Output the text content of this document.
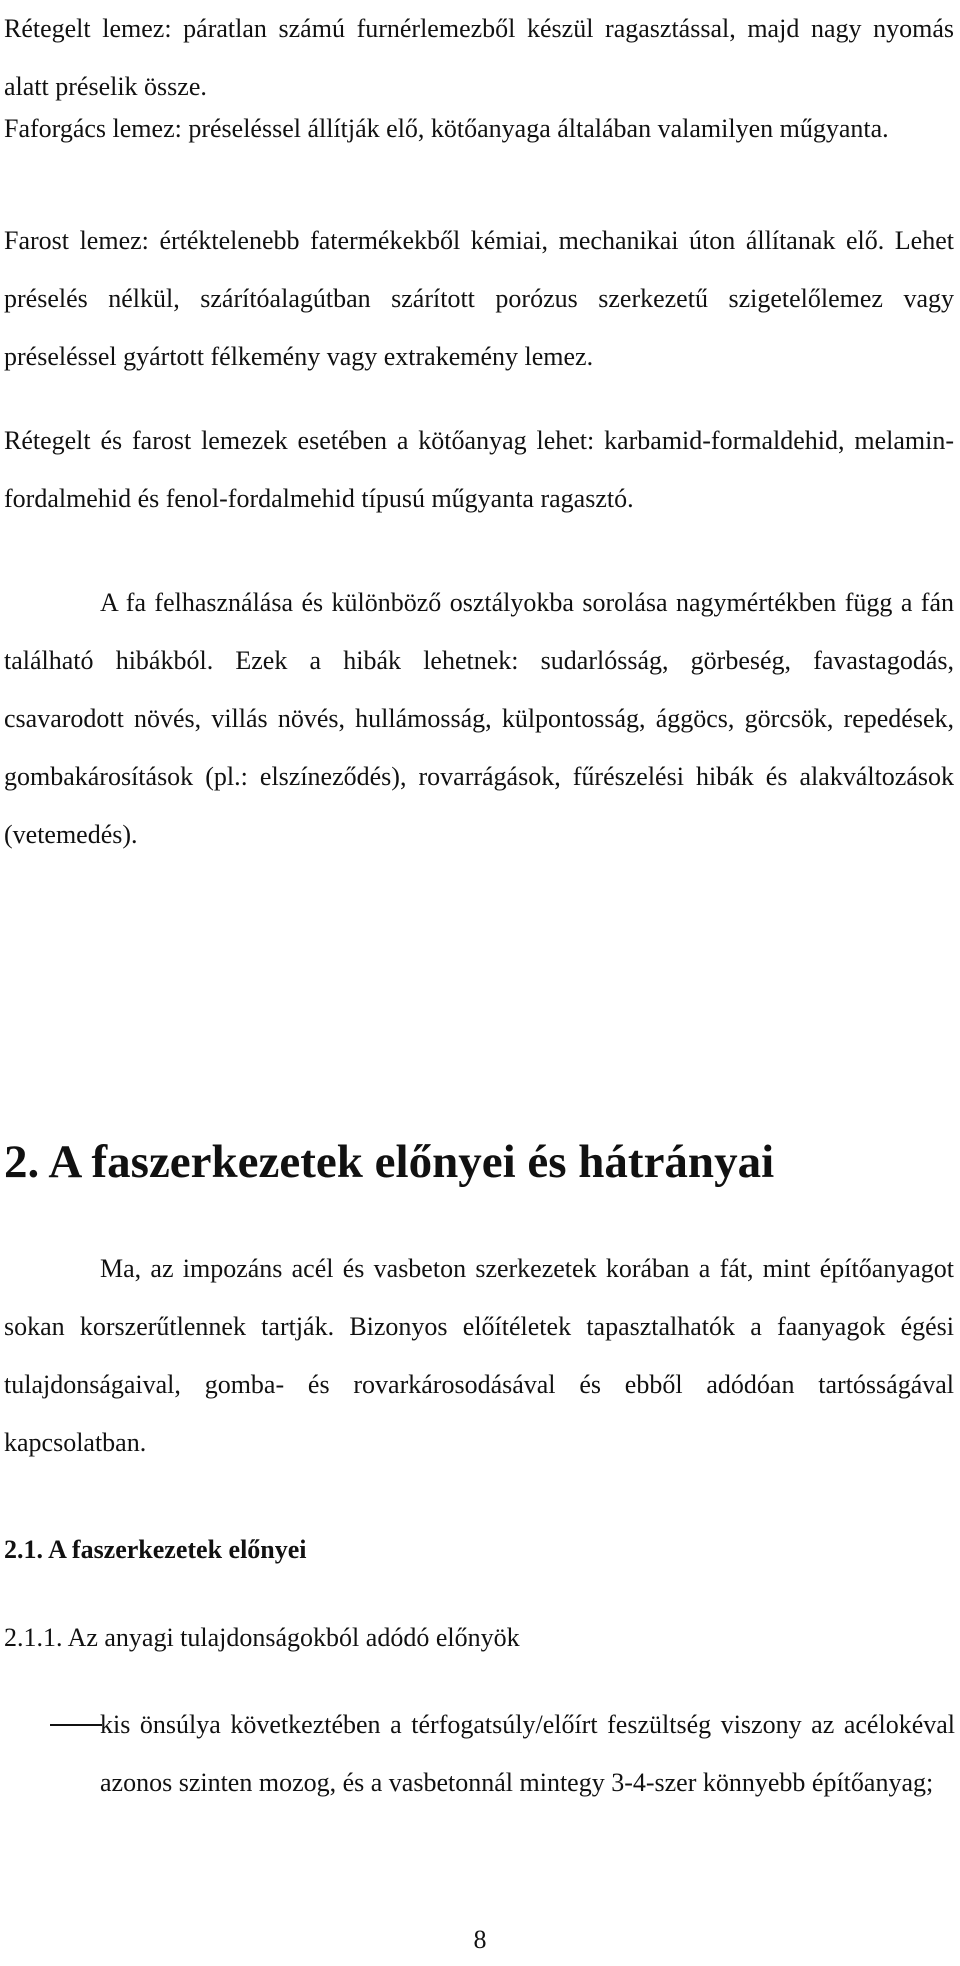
Rétegelt lemez: páratlan számú furnérlemezből készül ragasztással, majd nagy nyomás alatt préselik össze.

Faforgács lemez: préseléssel állítják elő, kötőanyaga általában valamilyen műgyanta.

Farost lemez: értéktelenebb fatermékekből kémiai, mechanikai úton állítanak elő. Lehet préselés nélkül, szárítóalagútban szárított porózus szerkezetű szigetelőlemez vagy préseléssel gyártott félkemény vagy extrakemény lemez.

Rétegelt és farost lemezek esetében a kötőanyag lehet: karbamid-formaldehid, melamin-fordalmehid és fenol-fordalmehid típusú műgyanta ragasztó.

A fa felhasználása és különböző osztályokba sorolása nagymértékben függ a fán található hibákból. Ezek a hibák lehetnek: sudarlósság, görbeség, favastagodás, csavarodott növés, villás növés, hullámosság, külpontosság, ággöcs, görcsök, repedések, gombakárosítások (pl.: elszíneződés), rovarrágások, fűrészelési hibák és alakváltozások (vetemedés).

2. A faszerkezetek előnyei és hátrányai

Ma, az impozáns acél és vasbeton szerkezetek korában a fát, mint építőanyagot sokan korszerűtlennek tartják. Bizonyos előítéletek tapasztalhatók a faanyagok égési tulajdonságaival, gomba- és rovarkárosodásával és ebből adódóan tartósságával kapcsolatban.

2.1. A faszerkezetek előnyei
2.1.1. Az anyagi tulajdonságokból adódó előnyök

kis önsúlya következtében a térfogatsúly/előírt feszültség viszony az acélokéval azonos szinten mozog, és a vasbetonnál mintegy 3-4-szer könnyebb építőanyag;

8
